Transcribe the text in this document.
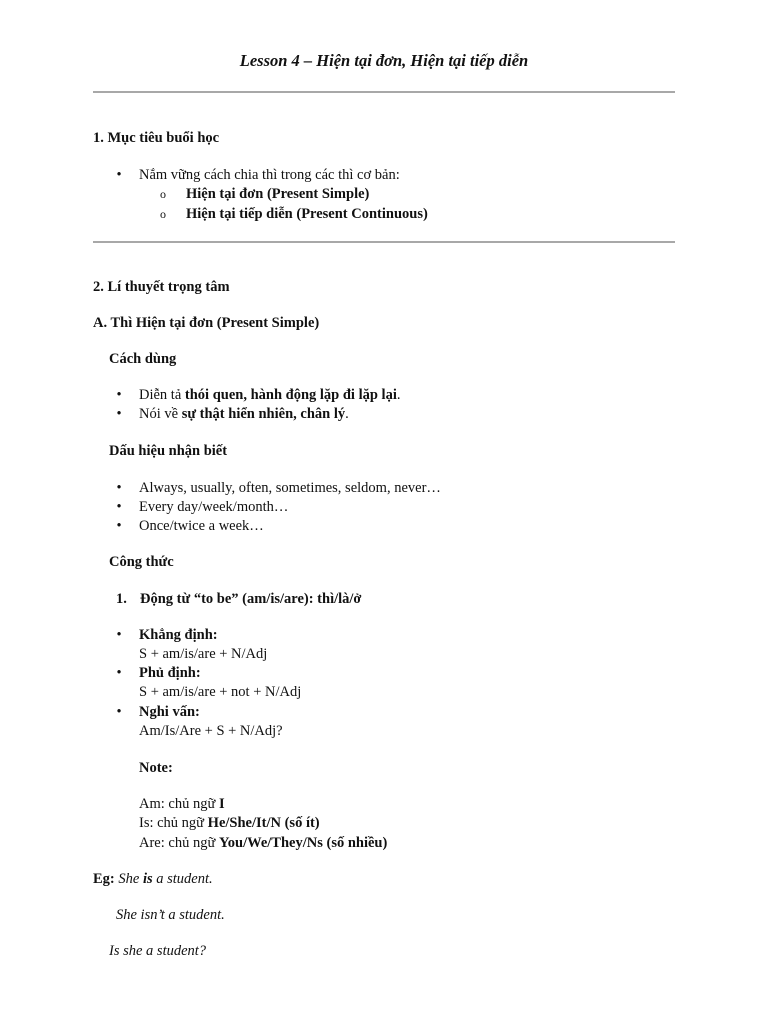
Lesson 4 – Hiện tại đơn, Hiện tại tiếp diễn
1. Mục tiêu buổi học
• Nắm vững cách chia thì trong các thì cơ bản:
o Hiện tại đơn (Present Simple)
o Hiện tại tiếp diễn (Present Continuous)
2. Lí thuyết trọng tâm
A. Thì Hiện tại đơn (Present Simple)
Cách dùng
• Diễn tả thói quen, hành động lặp đi lặp lại.
• Nói về sự thật hiển nhiên, chân lý.
Dấu hiệu nhận biết
• Always, usually, often, sometimes, seldom, never…
• Every day/week/month…
• Once/twice a week…
Công thức
1. Động từ “to be” (am/is/are): thì/là/ở
• Khẳng định:
S + am/is/are + N/Adj
• Phủ định:
S + am/is/are + not + N/Adj
• Nghi vấn:
Am/Is/Are + S + N/Adj?
Note:
Am: chủ ngữ I
Is: chủ ngữ He/She/It/N (số ít)
Are: chủ ngữ You/We/They/Ns (số nhiều)
Eg: She is a student.
She isn’t a student.
Is she a student?
